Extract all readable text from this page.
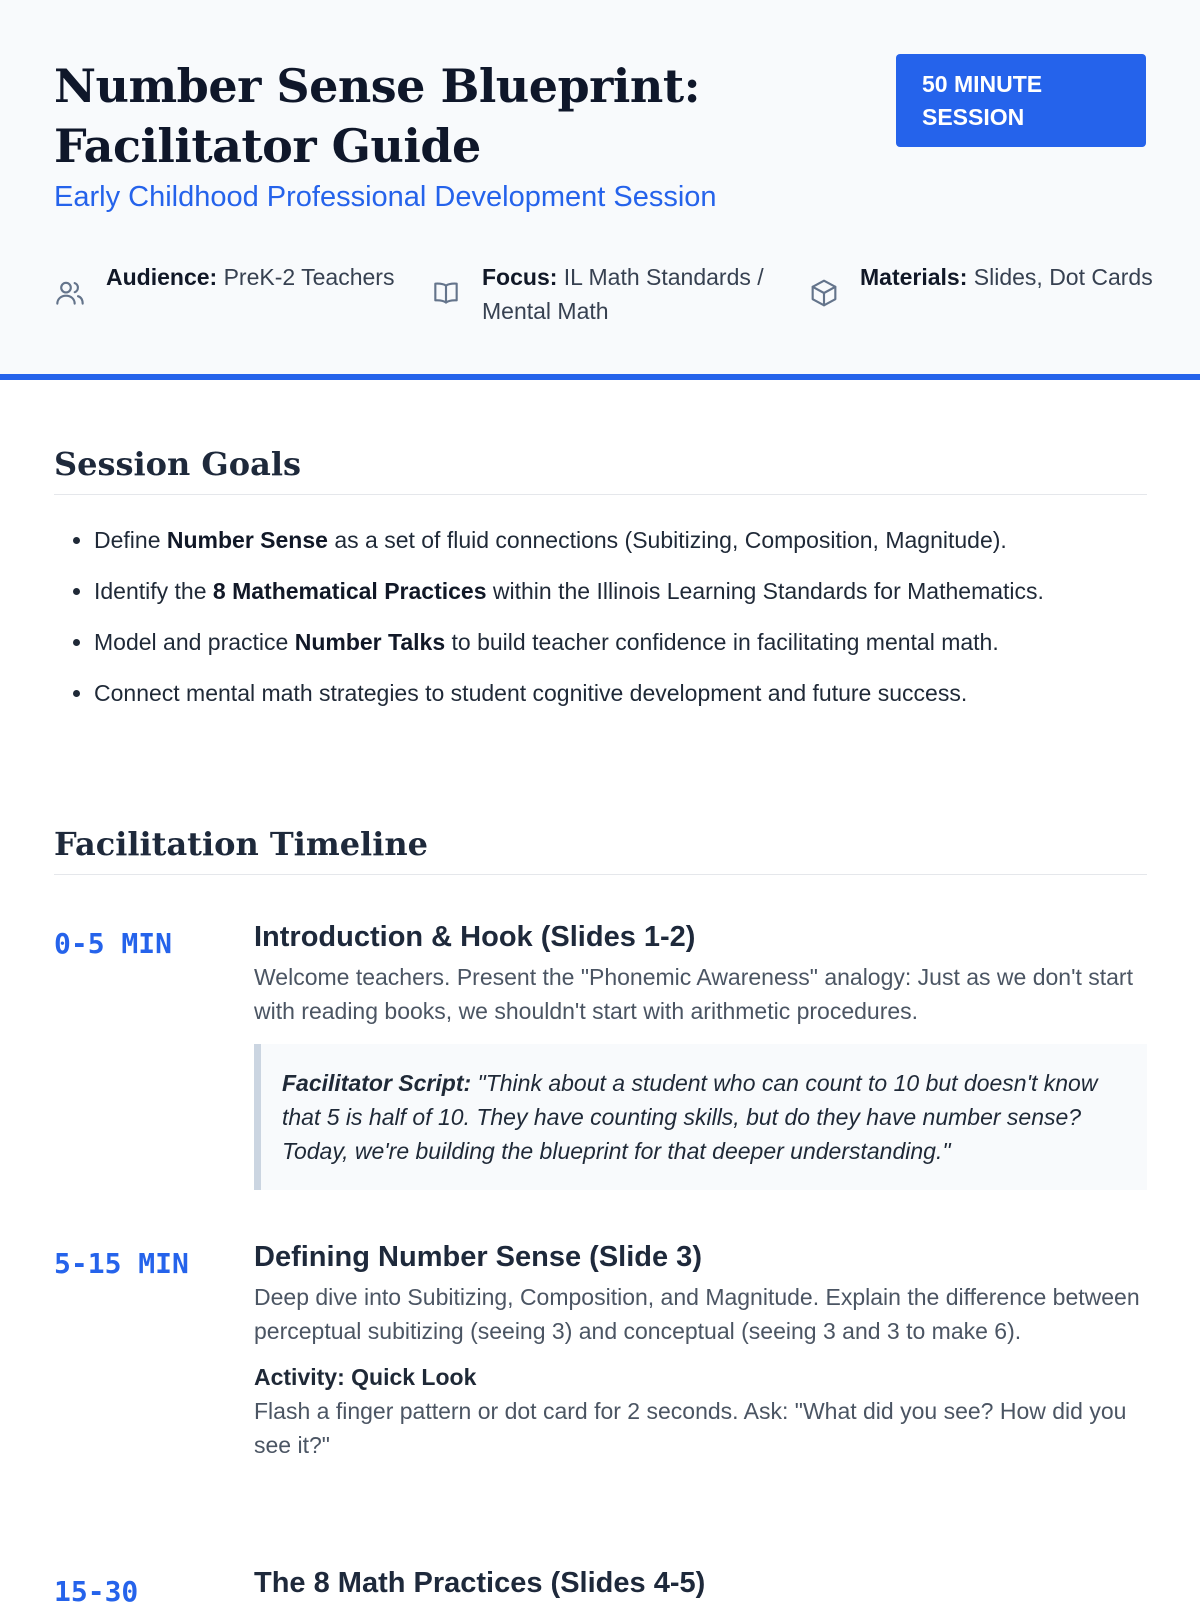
Number Sense Blueprint: Facilitator Guide
Early Childhood Professional Development Session
50 MINUTE SESSION
Audience: PreK-2 Teachers	Focus: IL Math Standards / Mental Math
Materials: Slides, Dot Cards
Session Goals
• Define Number Sense as a set of fluid connections (Subitizing, Composition, Magnitude).
• Identify the 8 Mathematical Practices within the Illinois Learning Standards for Mathematics.
• Model and practice Number Talks to build teacher confidence in facilitating mental math.
• Connect mental math strategies to student cognitive development and future success.
Facilitation Timeline
0-5 MIN	Introduction & Hook (Slides 1-2)

Welcome teachers. Present the "Phonemic Awareness" analogy: Just as we don't start with reading books, we shouldn't start with arithmetic procedures.

Facilitator Script: "Think about a student who can count to 10 but doesn't know that 5 is half of 10. They have counting skills, but do they have number sense? Today, we're building the blueprint for that deeper understanding."
5-15 MIN	Defining Number Sense (Slide 3)

Deep dive into Subitizing, Composition, and Magnitude. Explain the difference between perceptual subitizing (seeing 3) and conceptual (seeing 3 and 3 to make 6).

Activity: Quick Look

Flash a finger pattern or dot card for 2 seconds. Ask: "What did you see? How did you see it?"

15-30	The 8 Math Practices (Slides 4-5)
